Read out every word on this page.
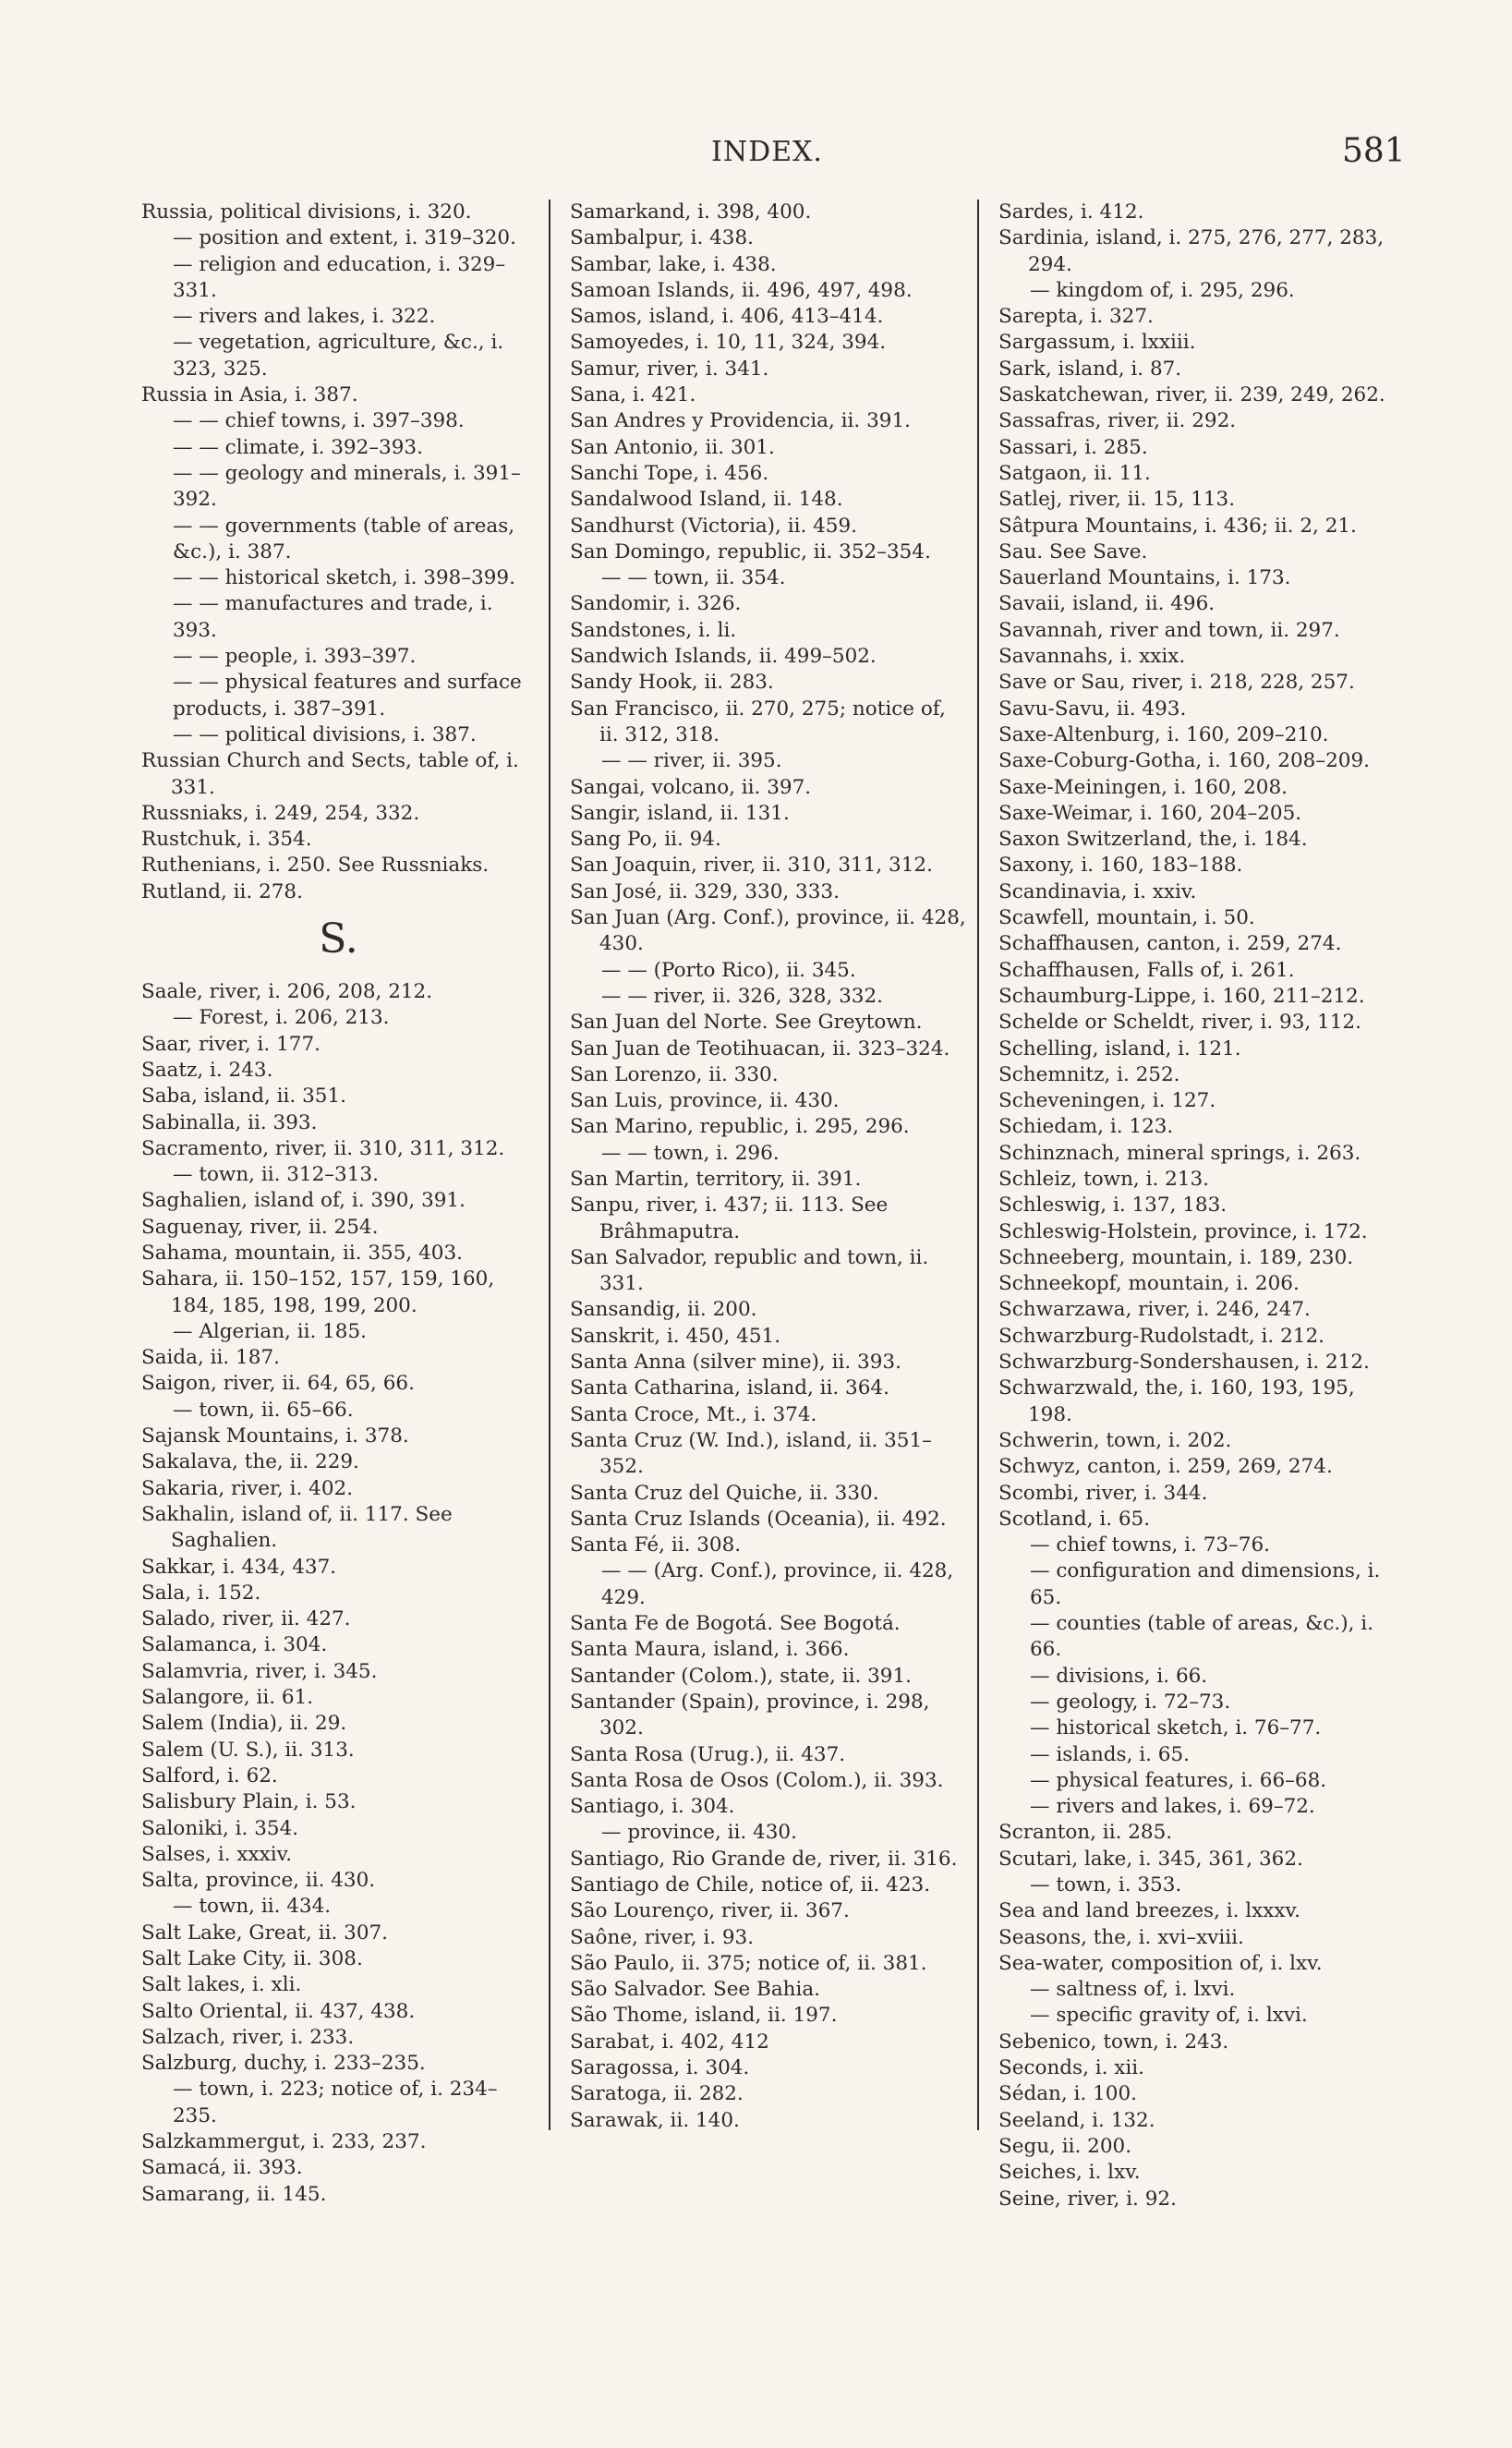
INDEX.	581
Russia, political divisions, i. 320.
— position and extent, i. 319–320.
— religion and education, i. 329–331.
— rivers and lakes, i. 322.
— vegetation, agriculture, &c., i. 323, 325.
Russia in Asia, i. 387.
— — chief towns, i. 397–398.
— — climate, i. 392–393.
— — geology and minerals, i. 391–392.
— — governments (table of areas, &c.), i. 387.
— — historical sketch, i. 398–399.
— — manufactures and trade, i. 393.
— — people, i. 393–397.
— — physical features and surface products, i. 387–391.
— — political divisions, i. 387.
Russian Church and Sects, table of, i. 331.
Russniaks, i. 249, 254, 332.
Rustchuk, i. 354.
Ruthenians, i. 250. See Russniaks.
Rutland, ii. 278.
S.
Saale, river, i. 206, 208, 212.
— Forest, i. 206, 213.
Saar, river, i. 177.
Saatz, i. 243.
Saba, island, ii. 351.
Sabinalla, ii. 393.
Sacramento, river, ii. 310, 311, 312.
— town, ii. 312–313.
Saghalien, island of, i. 390, 391.
Saguenay, river, ii. 254.
Sahama, mountain, ii. 355, 403.
Sahara, ii. 150–152, 157, 159, 160, 184, 185, 198, 199, 200.
— Algerian, ii. 185.
Saida, ii. 187.
Saigon, river, ii. 64, 65, 66.
— town, ii. 65–66.
Sajansk Mountains, i. 378.
Sakalava, the, ii. 229.
Sakaria, river, i. 402.
Sakhalin, island of, ii. 117. See Saghalien.
Sakkar, i. 434, 437.
Sala, i. 152.
Salado, river, ii. 427.
Salamanca, i. 304.
Salamvria, river, i. 345.
Salangore, ii. 61.
Salem (India), ii. 29.
Salem (U. S.), ii. 313.
Salford, i. 62.
Salisbury Plain, i. 53.
Saloniki, i. 354.
Salses, i. xxxiv.
Salta, province, ii. 430.
— town, ii. 434.
Salt Lake, Great, ii. 307.
Salt Lake City, ii. 308.
Salt lakes, i. xli.
Salto Oriental, ii. 437, 438.
Salzach, river, i. 233.
Salzburg, duchy, i. 233–235.
— town, i. 223; notice of, i. 234–235.
Salzkammergut, i. 233, 237.
Samacá, ii. 393.
Samarang, ii. 145.
Samarkand, i. 398, 400.
Sambalpur, i. 438.
Sambar, lake, i. 438.
Samoan Islands, ii. 496, 497, 498.
Samos, island, i. 406, 413–414.
Samoyedes, i. 10, 11, 324, 394.
Samur, river, i. 341.
Sana, i. 421.
San Andres y Providencia, ii. 391.
San Antonio, ii. 301.
Sanchi Tope, i. 456.
Sandalwood Island, ii. 148.
Sandhurst (Victoria), ii. 459.
San Domingo, republic, ii. 352–354.
— — town, ii. 354.
Sandomir, i. 326.
Sandstones, i. li.
Sandwich Islands, ii. 499–502.
Sandy Hook, ii. 283.
San Francisco, ii. 270, 275; notice of, ii. 312, 318.
— — river, ii. 395.
Sangai, volcano, ii. 397.
Sangir, island, ii. 131.
Sang Po, ii. 94.
San Joaquin, river, ii. 310, 311, 312.
San José, ii. 329, 330, 333.
San Juan (Arg. Conf.), province, ii. 428, 430.
— — (Porto Rico), ii. 345.
— — river, ii. 326, 328, 332.
San Juan del Norte. See Greytown.
San Juan de Teotihuacan, ii. 323–324.
San Lorenzo, ii. 330.
San Luis, province, ii. 430.
San Marino, republic, i. 295, 296.
— — town, i. 296.
San Martin, territory, ii. 391.
Sanpu, river, i. 437; ii. 113. See Brâhmaputra.
San Salvador, republic and town, ii. 331.
Sansandig, ii. 200.
Sanskrit, i. 450, 451.
Santa Anna (silver mine), ii. 393.
Santa Catharina, island, ii. 364.
Santa Croce, Mt., i. 374.
Santa Cruz (W. Ind.), island, ii. 351–352.
Santa Cruz del Quiche, ii. 330.
Santa Cruz Islands (Oceania), ii. 492.
Santa Fé, ii. 308.
— — (Arg. Conf.), province, ii. 428, 429.
Santa Fe de Bogotá. See Bogotá.
Santa Maura, island, i. 366.
Santander (Colom.), state, ii. 391.
Santander (Spain), province, i. 298, 302.
Santa Rosa (Urug.), ii. 437.
Santa Rosa de Osos (Colom.), ii. 393.
Santiago, i. 304.
— province, ii. 430.
Santiago, Rio Grande de, river, ii. 316.
Santiago de Chile, notice of, ii. 423.
São Lourenço, river, ii. 367.
Saône, river, i. 93.
São Paulo, ii. 375; notice of, ii. 381.
São Salvador. See Bahia.
São Thome, island, ii. 197.
Sarabat, i. 402, 412
Saragossa, i. 304.
Saratoga, ii. 282.
Sarawak, ii. 140.
Sardes, i. 412.
Sardinia, island, i. 275, 276, 277, 283, 294.
— kingdom of, i. 295, 296.
Sarepta, i. 327.
Sargassum, i. lxxiii.
Sark, island, i. 87.
Saskatchewan, river, ii. 239, 249, 262.
Sassafras, river, ii. 292.
Sassari, i. 285.
Satgaon, ii. 11.
Satlej, river, ii. 15, 113.
Sâtpura Mountains, i. 436; ii. 2, 21.
Sau. See Save.
Sauerland Mountains, i. 173.
Savaii, island, ii. 496.
Savannah, river and town, ii. 297.
Savannahs, i. xxix.
Save or Sau, river, i. 218, 228, 257.
Savu-Savu, ii. 493.
Saxe-Altenburg, i. 160, 209–210.
Saxe-Coburg-Gotha, i. 160, 208–209.
Saxe-Meiningen, i. 160, 208.
Saxe-Weimar, i. 160, 204–205.
Saxon Switzerland, the, i. 184.
Saxony, i. 160, 183–188.
Scandinavia, i. xxiv.
Scawfell, mountain, i. 50.
Schaffhausen, canton, i. 259, 274.
Schaffhausen, Falls of, i. 261.
Schaumburg-Lippe, i. 160, 211–212.
Schelde or Scheldt, river, i. 93, 112.
Schelling, island, i. 121.
Schemnitz, i. 252.
Scheveningen, i. 127.
Schiedam, i. 123.
Schinznach, mineral springs, i. 263.
Schleiz, town, i. 213.
Schleswig, i. 137, 183.
Schleswig-Holstein, province, i. 172.
Schneeberg, mountain, i. 189, 230.
Schneekopf, mountain, i. 206.
Schwarzawa, river, i. 246, 247.
Schwarzburg-Rudolstadt, i. 212.
Schwarzburg-Sondershausen, i. 212.
Schwarzwald, the, i. 160, 193, 195, 198.
Schwerin, town, i. 202.
Schwyz, canton, i. 259, 269, 274.
Scombi, river, i. 344.
Scotland, i. 65.
— chief towns, i. 73–76.
— configuration and dimensions, i. 65.
— counties (table of areas, &c.), i. 66.
— divisions, i. 66.
— geology, i. 72–73.
— historical sketch, i. 76–77.
— islands, i. 65.
— physical features, i. 66–68.
— rivers and lakes, i. 69–72.
Scranton, ii. 285.
Scutari, lake, i. 345, 361, 362.
— town, i. 353.
Sea and land breezes, i. lxxxv.
Seasons, the, i. xvi–xviii.
Sea-water, composition of, i. lxv.
— saltness of, i. lxvi.
— specific gravity of, i. lxvi.
Sebenico, town, i. 243.
Seconds, i. xii.
Sédan, i. 100.
Seeland, i. 132.
Segu, ii. 200.
Seiches, i. lxv.
Seine, river, i. 92.
